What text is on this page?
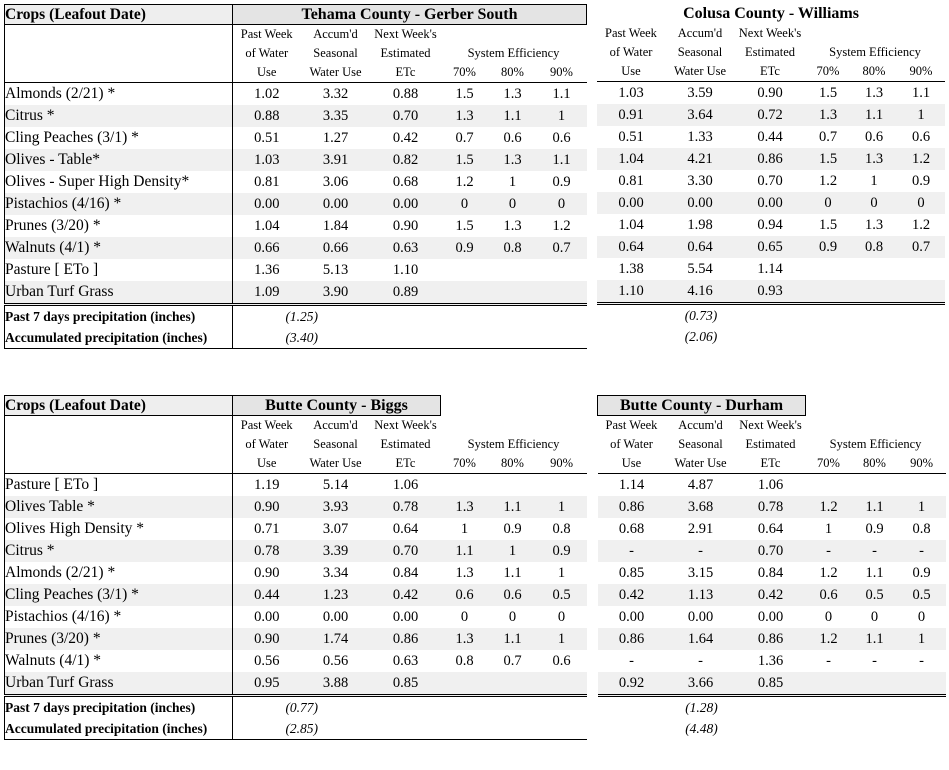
Crops (Leafout Date)	Tehama County - Gerber South					
	Past Week	Accum'd	Next Week's			
	of Water	Seasonal	Estimated	System Efficiency		
	Use	Water Use	ETc	70%	80%	90%
Almonds (2/21) *	1.02	3.32	0.88	1.5	1.3	1.1
Citrus *	0.88	3.35	0.70	1.3	1.1	1
Cling Peaches (3/1) *	0.51	1.27	0.42	0.7	0.6	0.6
Olives - Table*	1.03	3.91	0.82	1.5	1.3	1.1
Olives - Super High Density*	0.81	3.06	0.68	1.2	1	0.9
Pistachios (4/16) *	0.00	0.00	0.00	0	0	0
Prunes (3/20) *	1.04	1.84	0.90	1.5	1.3	1.2
Walnuts (4/1) *	0.66	0.66	0.63	0.9	0.8	0.7
Pasture [ ETo ]	1.36	5.13	1.10			
Urban Turf Grass	1.09	3.90	0.89			
Past 7 days precipitation (inches)	(1.25)					
Accumulated precipitation (inches)	(3.40)					
Colusa County - Williams					
Past Week	Accum'd	Next Week's			
of Water	Seasonal	Estimated	System Efficiency		
Use	Water Use	ETc	70%	80%	90%
1.03	3.59	0.90	1.5	1.3	1.1
0.91	3.64	0.72	1.3	1.1	1
0.51	1.33	0.44	0.7	0.6	0.6
1.04	4.21	0.86	1.5	1.3	1.2
0.81	3.30	0.70	1.2	1	0.9
0.00	0.00	0.00	0	0	0
1.04	1.98	0.94	1.5	1.3	1.2
0.64	0.64	0.65	0.9	0.8	0.7
1.38	5.54	1.14			
1.10	4.16	0.93			
(0.73)					
(2.06)					
Crops (Leafout Date)	Butte County - Biggs					
	Past Week	Accum'd	Next Week's			
	of Water	Seasonal	Estimated	System Efficiency		
	Use	Water Use	ETc	70%	80%	90%
Pasture [ ETo ]	1.19	5.14	1.06			
Olives Table *	0.90	3.93	0.78	1.3	1.1	1
Olives High Density *	0.71	3.07	0.64	1	0.9	0.8
Citrus *	0.78	3.39	0.70	1.1	1	0.9
Almonds (2/21) *	0.90	3.34	0.84	1.3	1.1	1
Cling Peaches (3/1) *	0.44	1.23	0.42	0.6	0.6	0.5
Pistachios (4/16) *	0.00	0.00	0.00	0	0	0
Prunes (3/20) *	0.90	1.74	0.86	1.3	1.1	1
Walnuts (4/1) *	0.56	0.56	0.63	0.8	0.7	0.6
Urban Turf Grass	0.95	3.88	0.85			
Past 7 days precipitation (inches)	(0.77)					
Accumulated precipitation (inches)	(2.85)					
Butte County - Durham					
Past Week	Accum'd	Next Week's			
of Water	Seasonal	Estimated	System Efficiency		
Use	Water Use	ETc	70%	80%	90%
1.14	4.87	1.06			
0.86	3.68	0.78	1.2	1.1	1
0.68	2.91	0.64	1	0.9	0.8
-	-	0.70	-	-	-
0.85	3.15	0.84	1.2	1.1	0.9
0.42	1.13	0.42	0.6	0.5	0.5
0.00	0.00	0.00	0	0	0
0.86	1.64	0.86	1.2	1.1	1
-	-	1.36	-	-	-
0.92	3.66	0.85			
(1.28)					
(4.48)					
